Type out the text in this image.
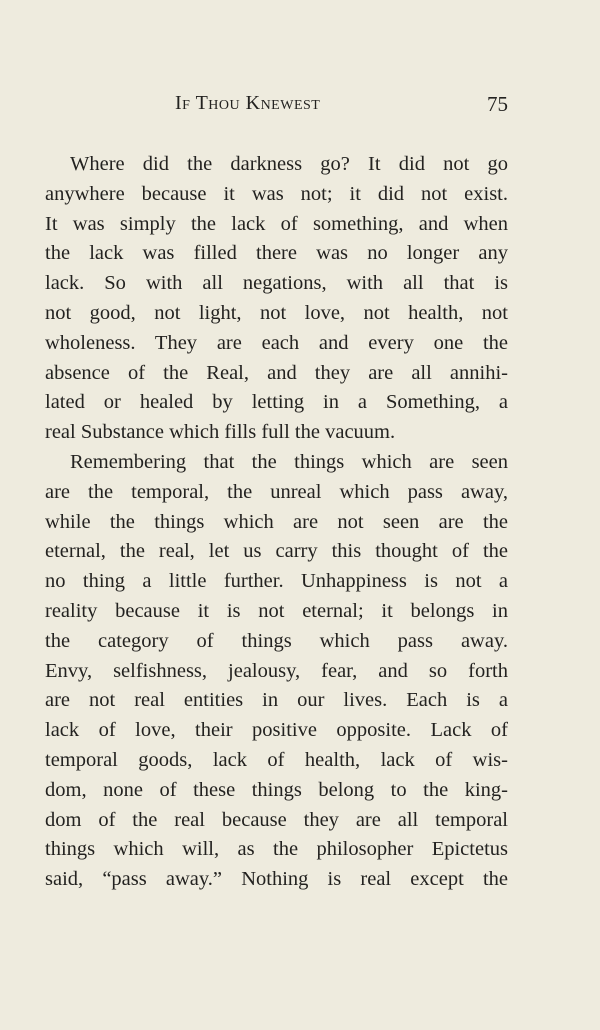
If Thou Knewest	75
Where did the darkness go? It did not go
anywhere because it was not; it did not exist.
It was simply the lack of something, and when
the lack was filled there was no longer any
lack. So with all negations, with all that is
not good, not light, not love, not health, not
wholeness. They are each and every one the
absence of the Real, and they are all annihi-
lated or healed by letting in a Something, a
real Substance which fills full the vacuum.
Remembering that the things which are seen
are the temporal, the unreal which pass away,
while the things which are not seen are the
eternal, the real, let us carry this thought of the
no thing a little further. Unhappiness is not a
reality because it is not eternal; it belongs in
the category of things which pass away.
Envy, selfishness, jealousy, fear, and so forth
are not real entities in our lives. Each is a
lack of love, their positive opposite. Lack of
temporal goods, lack of health, lack of wis-
dom, none of these things belong to the king-
dom of the real because they are all temporal
things which will, as the philosopher Epictetus
said, “pass away.” Nothing is real except the
